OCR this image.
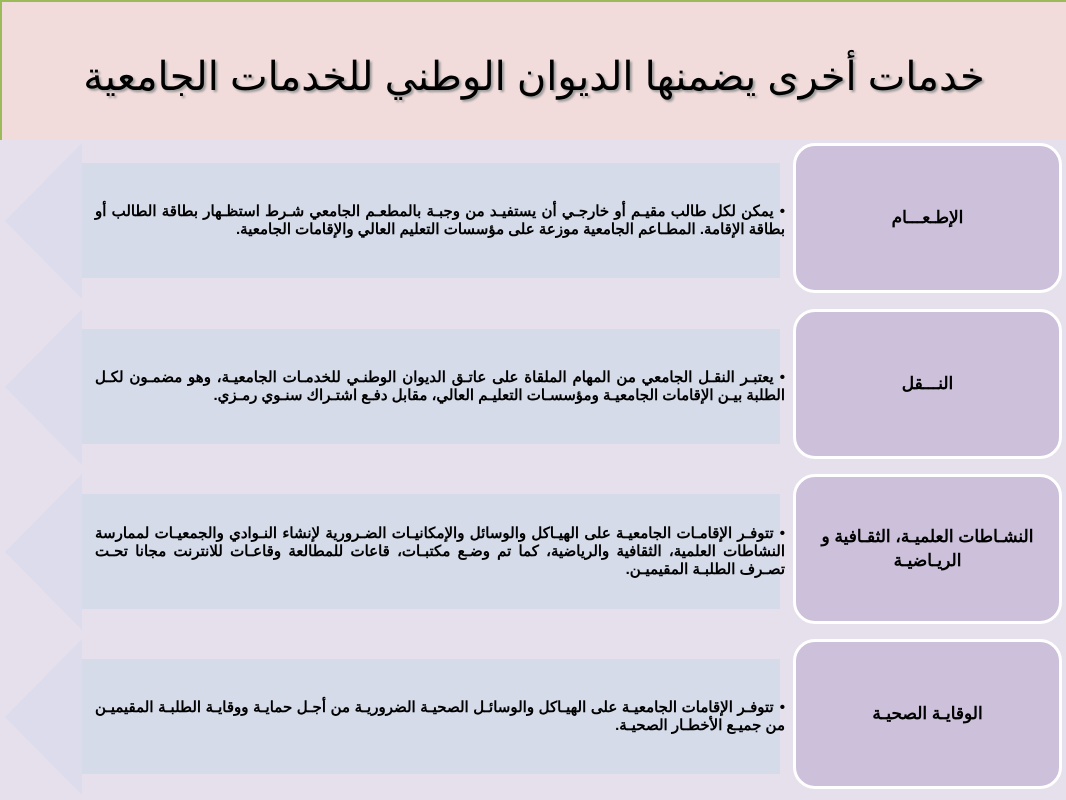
خدمات أخرى يضمنها الديوان الوطني للخدمات الجامعية
الإطـعـــام
•يمكن لكل طالب مقيـم أو خارجـي أن يستفيـد من وجبـة بالمطعـم الجامعي شـرط استظـهار بطاقة الطالب أو بطاقة الإقامة. المطـاعم الجامعية موزعة على مؤسسات التعليم العالي والإقامات الجامعية.
النـــقل
•يعتبـر النقـل الجامعي من المهام الملقاة على عاتـق الديوان الوطنـي للخدمـات الجامعيـة، وهو مضمـون لكـل الطلبة بيـن الإقامات الجامعيـة ومؤسسـات التعليـم العالي، مقابل دفـع اشتـراك سنـوي رمـزي.
النشـاطات العلميـة، الثقـافية و الريـاضيـة
•تتوفـر الإقامـات الجامعيـة على الهيـاكل والوسائل والإمكانيـات الضـرورية لإنشاء النـوادي والجمعيـات لممارسة النشاطات العلمية، الثقافية والرياضية، كما تم وضـع مكتبـات، قاعات للمطالعة وقاعـات للانترنت مجانا تحـت تصـرف الطلبـة المقيميـن.
الوقايـة الصحيـة
•تتوفـر الإقامات الجامعيـة على الهيـاكل والوسائـل الصحيـة الضروريـة من أجـل حمايـة ووقايـة الطلبـة المقيميـن من جميـع الأخطـار الصحيـة.
